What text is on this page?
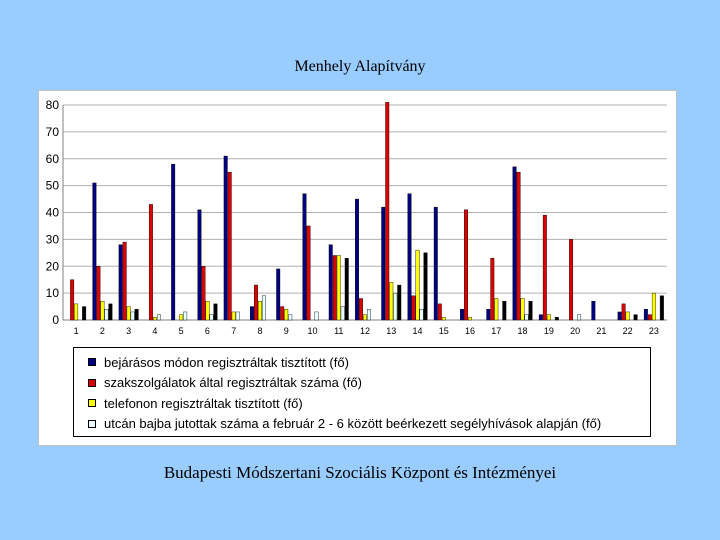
Menhely Alapítvány
0
10
20
30
40
50
60
70
80
1 2 3 4 5 6 7 8 9 10 11 12 13 14 15 16 17 18 19 20 21 22 23
bejárásos módon regisztráltak tisztított (fő)
szakszolgálatok által regisztráltak száma (fő)
telefonon regisztráltak tisztított (fő)
utcán bajba jutottak száma a február 2 - 6 között beérkezett segélyhívások alapján (fő)
Budapesti Módszertani Szociális Központ és Intézményei
